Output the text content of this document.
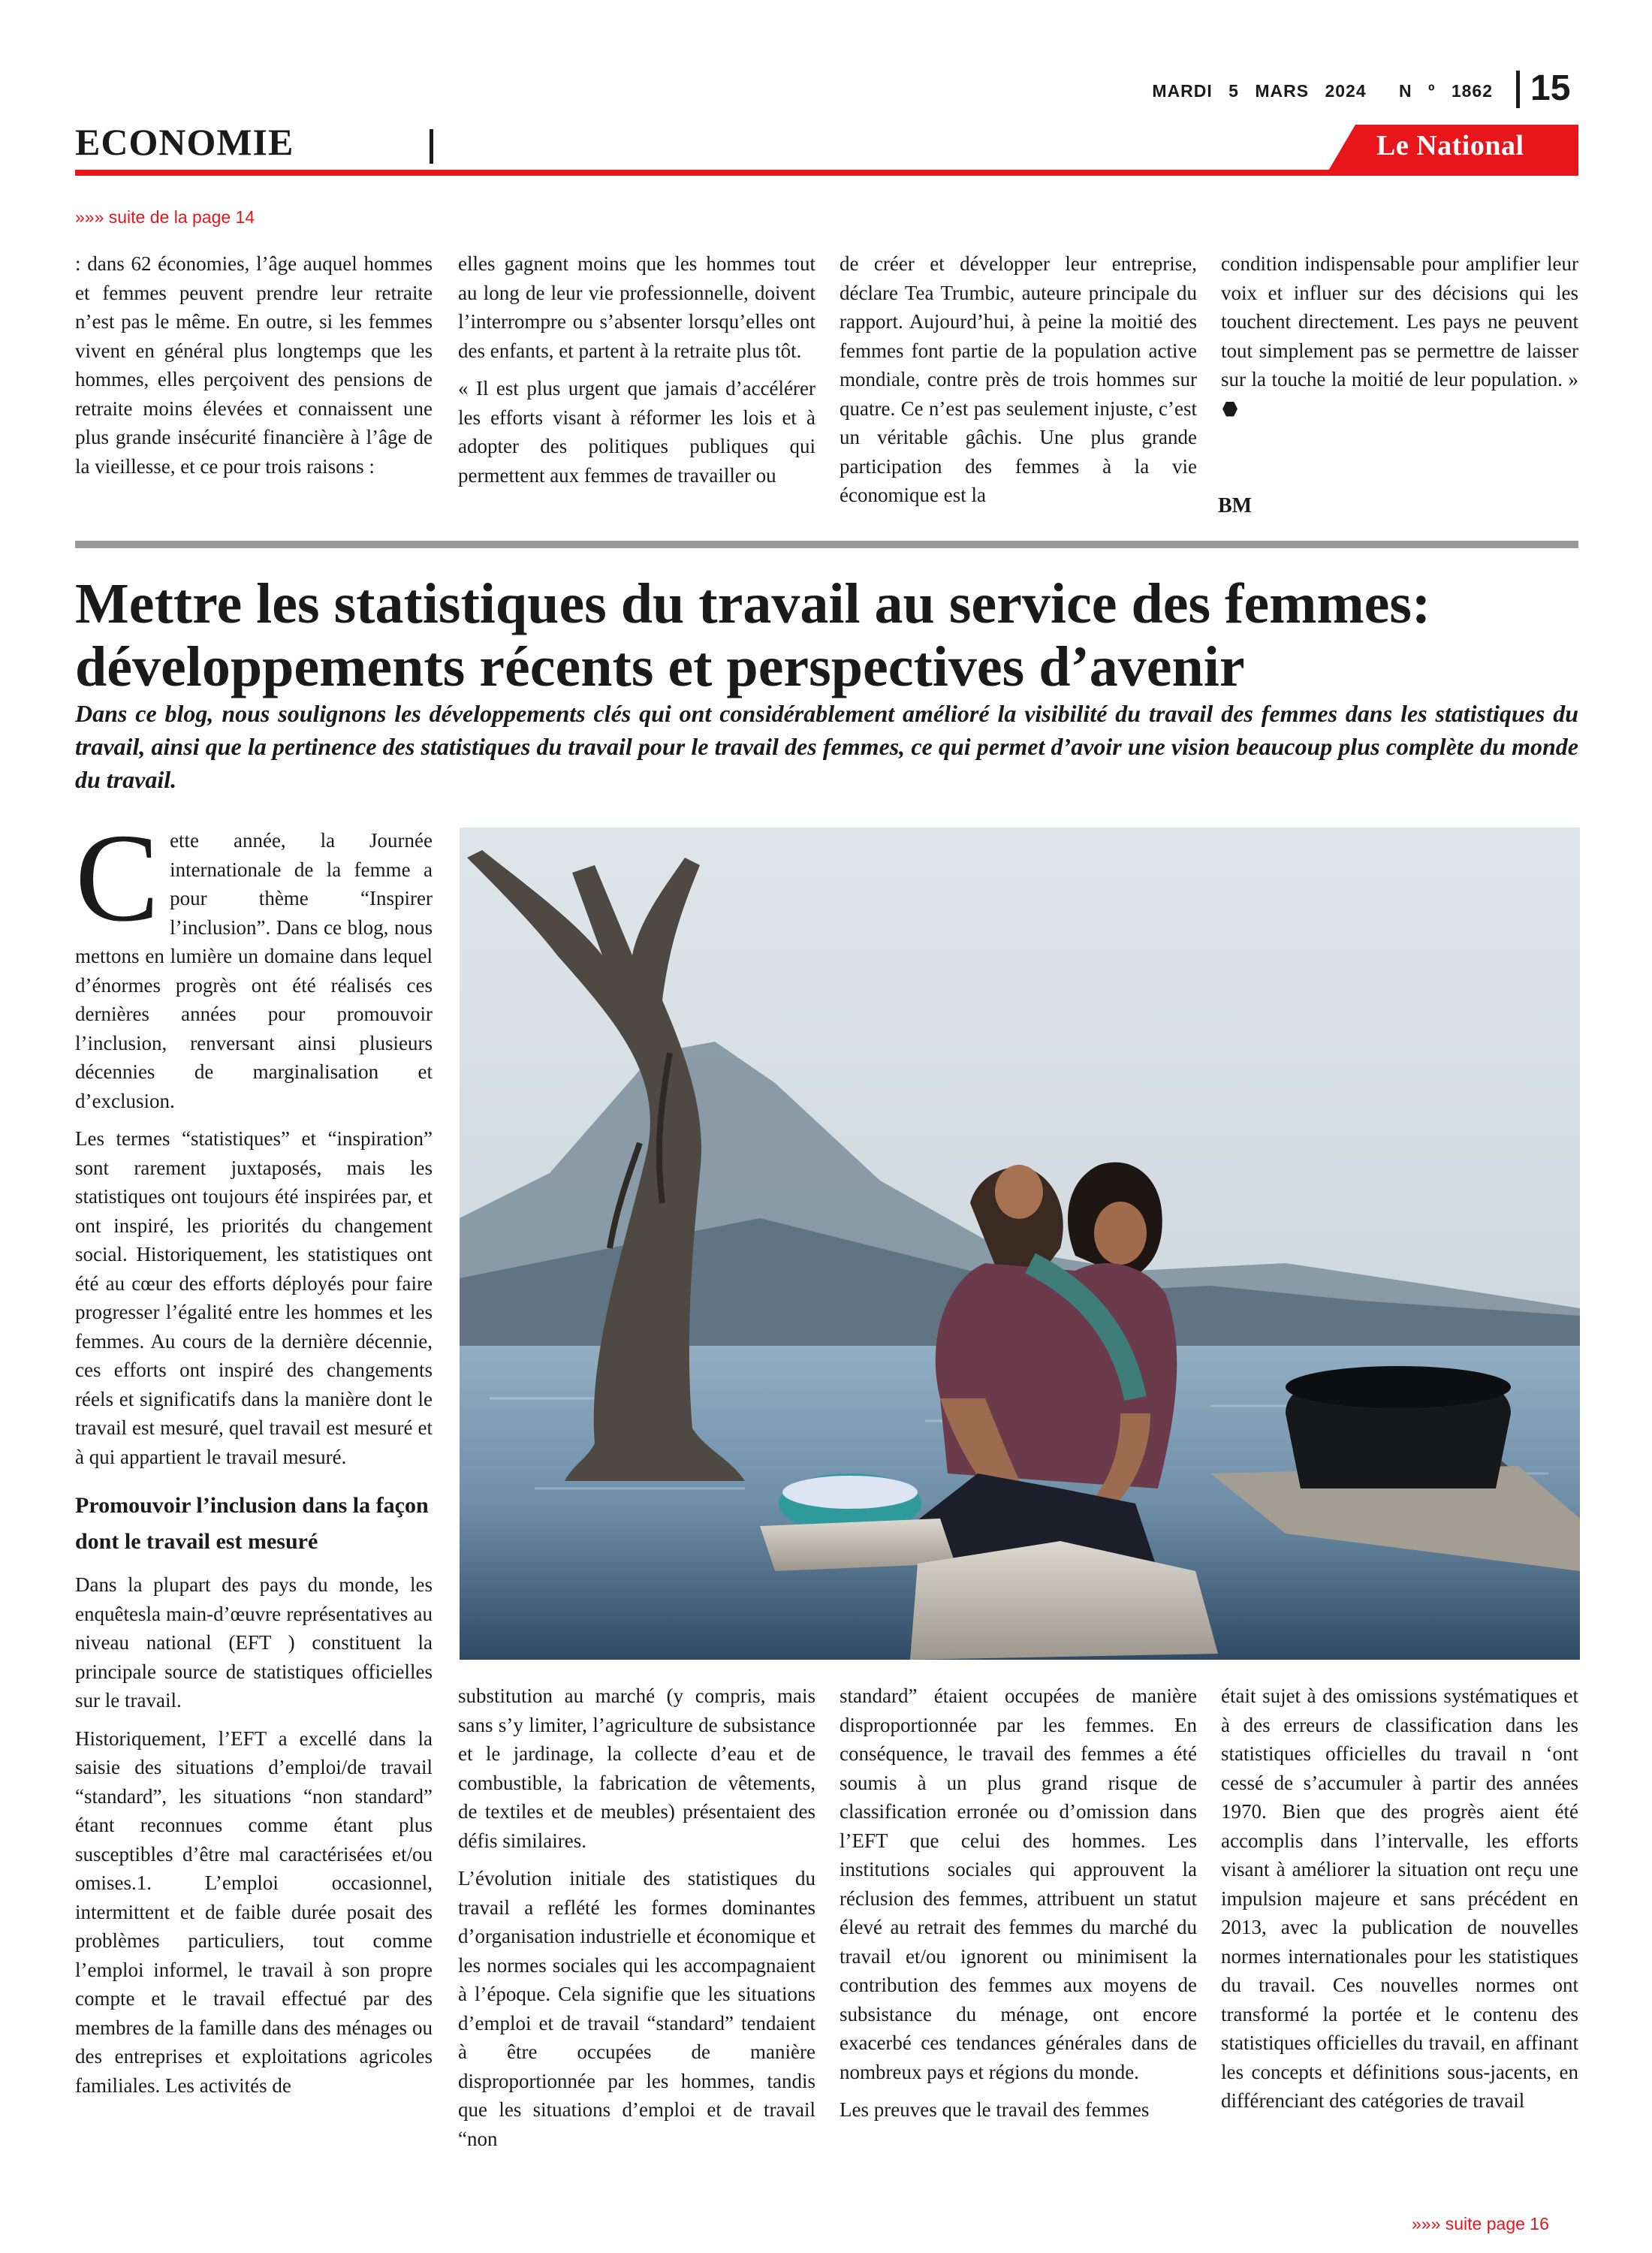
MARDI 5 MARS 2024 N º 1862 15
ECONOMIE	Le National
»»» suite de la page 14

: dans 62 économies, l’âge auquel hommes et femmes peuvent prendre leur retraite n’est pas le même. En outre, si les femmes vivent en général plus longtemps que les hommes, elles perçoivent des pensions de retraite moins élevées et connaissent une plus grande insécurité financière à l’âge de la vieillesse, et ce pour trois raisons :

elles gagnent moins que les hommes tout au long de leur vie professionnelle, doivent l’interrompre ou s’absenter lorsqu’elles ont des enfants, et partent à la retraite plus tôt.

« Il est plus urgent que jamais d’accélérer les efforts visant à réformer les lois et à adopter des politiques publiques qui permettent aux femmes de travailler ou

de créer et développer leur entreprise, déclare Tea Trumbic, auteure principale du rapport. Aujourd’hui, à peine la moitié des femmes font partie de la population active mondiale, contre près de trois hommes sur quatre. Ce n’est pas seulement injuste, c’est un véritable gâchis. Une plus grande participation des femmes à la vie économique est la

condition indispensable pour amplifier leur voix et influer sur des décisions qui les touchent directement. Les pays ne peuvent tout simplement pas se permettre de laisser sur la touche la moitié de leur population. »

BM
Mettre les statistiques du travail au service des femmes: développements récents et perspectives d’avenir

Dans ce blog, nous soulignons les développements clés qui ont considérablement amélioré la visibilité du travail des femmes dans les statistiques du travail, ainsi que la pertinence des statistiques du travail pour le travail des femmes, ce qui permet d’avoir une vision beaucoup plus complète du monde du travail.

Cette année, la Journée internationale de la femme a pour thème “Inspirer l’inclusion”. Dans ce blog, nous mettons en lumière un domaine dans lequel d’énormes progrès ont été réalisés ces dernières années pour promouvoir l’inclusion, renversant ainsi plusieurs décennies de marginalisation et d’exclusion.

Les termes “statistiques” et “inspiration” sont rarement juxtaposés, mais les statistiques ont toujours été inspirées par, et ont inspiré, les priorités du changement social. Historiquement, les statistiques ont été au cœur des efforts déployés pour faire progresser l’égalité entre les hommes et les femmes. Au cours de la dernière décennie, ces efforts ont inspiré des changements réels et significatifs dans la manière dont le travail est mesuré, quel travail est mesuré et à qui appartient le travail mesuré.

Promouvoir l’inclusion dans la façon dont le travail est mesuré

Dans la plupart des pays du monde, les enquêtesla main-d’œuvre représentatives au niveau national (EFT ) constituent la principale source de statistiques officielles sur le travail.

Historiquement, l’EFT a excellé dans la saisie des situations d’emploi/de travail “standard”, les situations “non standard” étant reconnues comme étant plus susceptibles d’être mal caractérisées et/ou omises.1. L’emploi occasionnel, intermittent et de faible durée posait des problèmes particuliers, tout comme l’emploi informel, le travail à son propre compte et le travail effectué par des membres de la famille dans des ménages ou des entreprises et exploitations agricoles familiales. Les activités de

substitution au marché (y compris, mais sans s’y limiter, l’agriculture de subsistance et le jardinage, la collecte d’eau et de combustible, la fabrication de vêtements, de textiles et de meubles) présentaient des défis similaires.

L’évolution initiale des statistiques du travail a reflété les formes dominantes d’organisation industrielle et économique et les normes sociales qui les accompagnaient à l’époque. Cela signifie que les situations d’emploi et de travail “standard” tendaient à être occupées de manière disproportionnée par les hommes, tandis que les situations d’emploi et de travail “non

standard” étaient occupées de manière disproportionnée par les femmes. En conséquence, le travail des femmes a été soumis à un plus grand risque de classification erronée ou d’omission dans l’EFT que celui des hommes. Les institutions sociales qui approuvent la réclusion des femmes, attribuent un statut élevé au retrait des femmes du marché du travail et/ou ignorent ou minimisent la contribution des femmes aux moyens de subsistance du ménage, ont encore exacerbé ces tendances générales dans de nombreux pays et régions du monde.

Les preuves que le travail des femmes

était sujet à des omissions systématiques et à des erreurs de classification dans les statistiques officielles du travail n ‘ont cessé de s’accumuler à partir des années 1970. Bien que des progrès aient été accomplis dans l’intervalle, les efforts visant à améliorer la situation ont reçu une impulsion majeure et sans précédent en 2013, avec la publication de nouvelles normes internationales pour les statistiques du travail. Ces nouvelles normes ont transformé la portée et le contenu des statistiques officielles du travail, en affinant les concepts et définitions sous-jacents, en différenciant des catégories de travail

»»» suite page 16
